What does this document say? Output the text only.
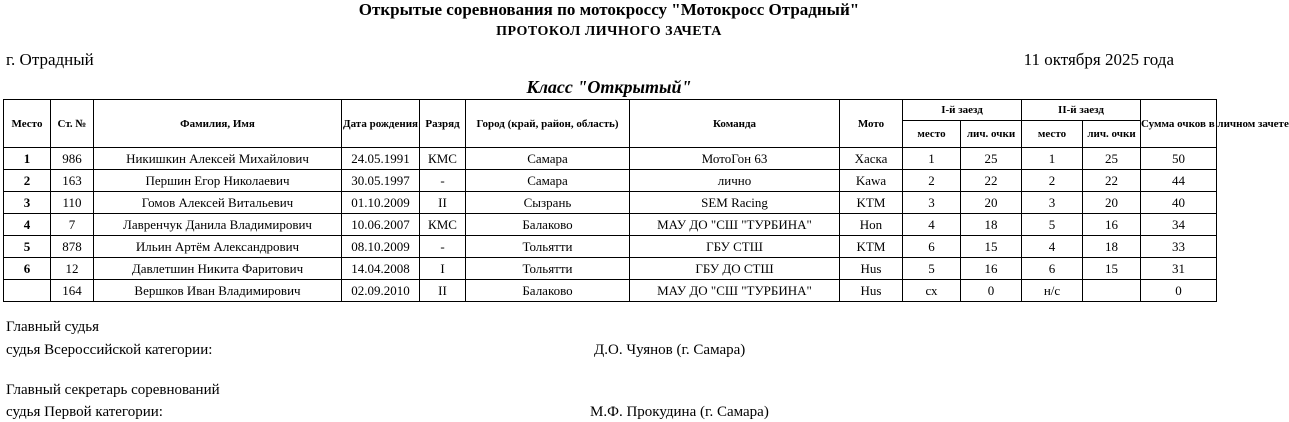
Открытые соревнования по мотокроссу "Мотокросс Отрадный"
ПРОТОКОЛ ЛИЧНОГО ЗАЧЕТА
г. Отрадный	11 октября 2025 года
Класс "Открытый"
Место	Ст. №	Фамилия, Имя	Дата рождения	Разряд	Город (край, район, область)	Команда	Мото	I-й заезд		II-й заезд		Сумма очков в личном зачете
								место	лич. очки	место	лич. очки	
1	986	Никишкин Алексей Михайлович	24.05.1991	КМС	Самара	МотоГон 63	Хаска	1	25	1	25	50
2	163	Першин Егор Николаевич	30.05.1997	-	Самара	лично	Kawa	2	22	2	22	44
3	110	Гомов Алексей Витальевич	01.10.2009	II	Сызрань	SEM Racing	KTM	3	20	3	20	40
4	7	Лавренчук Данила Владимирович	10.06.2007	КМС	Балаково	МАУ ДО "СШ "ТУРБИНА"	Hon	4	18	5	16	34
5	878	Ильин Артём Александрович	08.10.2009	-	Тольятти	ГБУ СТШ	KTM	6	15	4	18	33
6	12	Давлетшин Никита Фаритович	14.04.2008	I	Тольятти	ГБУ ДО СТШ	Hus	5	16	6	15	31
	164	Вершков Иван Владимирович	02.09.2010	II	Балаково	МАУ ДО "СШ "ТУРБИНА"	Hus	сх	0	н/с		0
Главный судья
судья Всероссийской категории:	Д.О. Чуянов (г. Самара)
Главный секретарь соревнований
судья Первой категории:	М.Ф. Прокудина (г. Самара)
